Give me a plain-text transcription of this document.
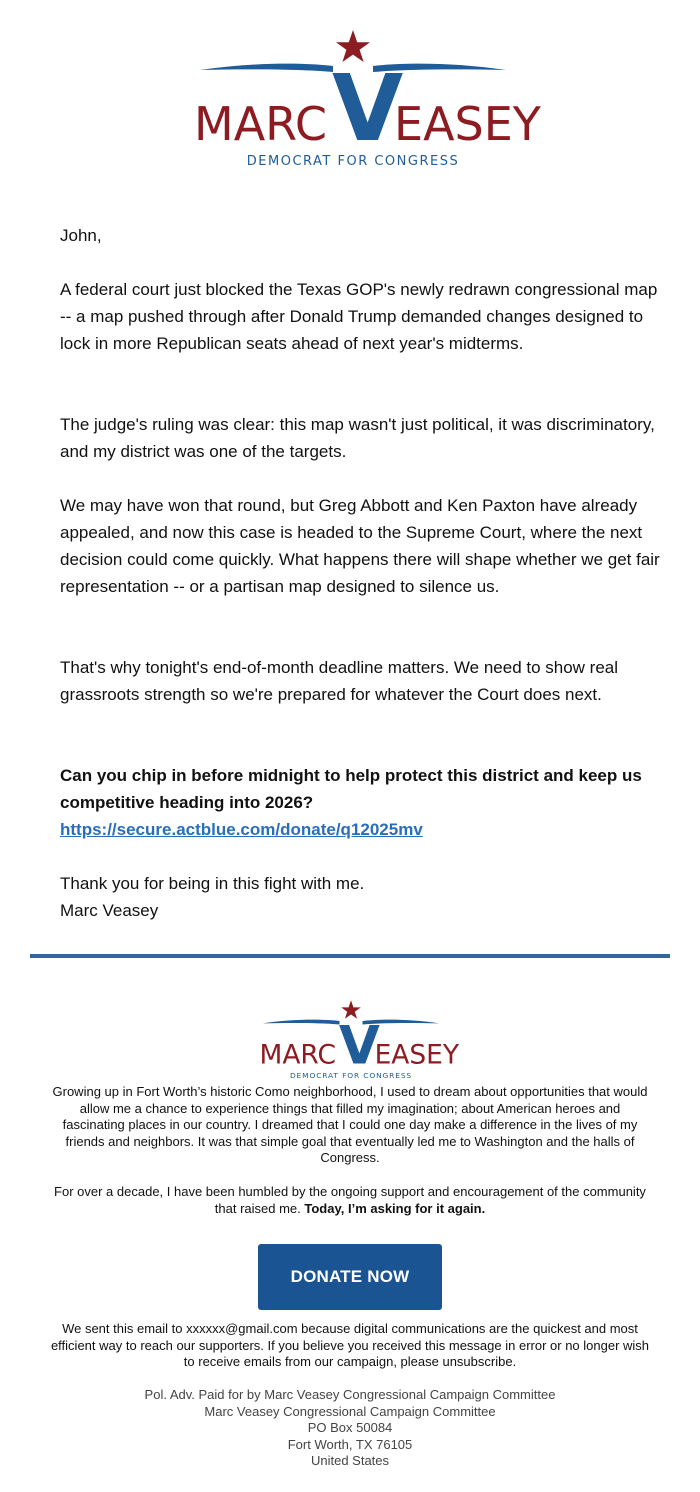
MARC V
EASEY
DEMOCRAT FOR CONGRESS
John,

A federal court just blocked the Texas GOP's newly redrawn congressional map -- a map pushed through after Donald Trump demanded changes designed to lock in more Republican seats ahead of next year's midterms.

The judge's ruling was clear: this map wasn't just political, it was discriminatory, and my district was one of the targets.

We may have won that round, but Greg Abbott and Ken Paxton have already appealed, and now this case is headed to the Supreme Court, where the next decision could come quickly. What happens there will shape whether we get fair representation -- or a partisan map designed to silence us.

That's why tonight's end-of-month deadline matters. We need to show real grassroots strength so we're prepared for whatever the Court does next.

Can you chip in before midnight to help protect this district and keep us competitive heading into 2026?

https://secure.actblue.com/donate/q12025mv

Thank you for being in this fight with me.

Marc Veasey

MARC V
EASEY
DEMOCRAT FOR CONGRESS
Growing up in Fort Worth’s historic Como neighborhood, I used to dream about opportunities that would allow me a chance to experience things that filled my imagination; about American heroes and fascinating places in our country. I dreamed that I could one day make a difference in the lives of my friends and neighbors. It was that simple goal that eventually led me to Washington and the halls of Congress.
For over a decade, I have been humbled by the ongoing support and encouragement of the community that raised me. Today, I’m asking for it again.
DONATE NOW
We sent this email to xxxxxx@gmail.com because digital communications are the quickest and most efficient way to reach our supporters. If you believe you received this message in error or no longer wish to receive emails from our campaign, please unsubscribe.
Pol. Adv. Paid for by Marc Veasey Congressional Campaign Committee
Marc Veasey Congressional Campaign Committee
PO Box 50084
Fort Worth, TX 76105
United States
